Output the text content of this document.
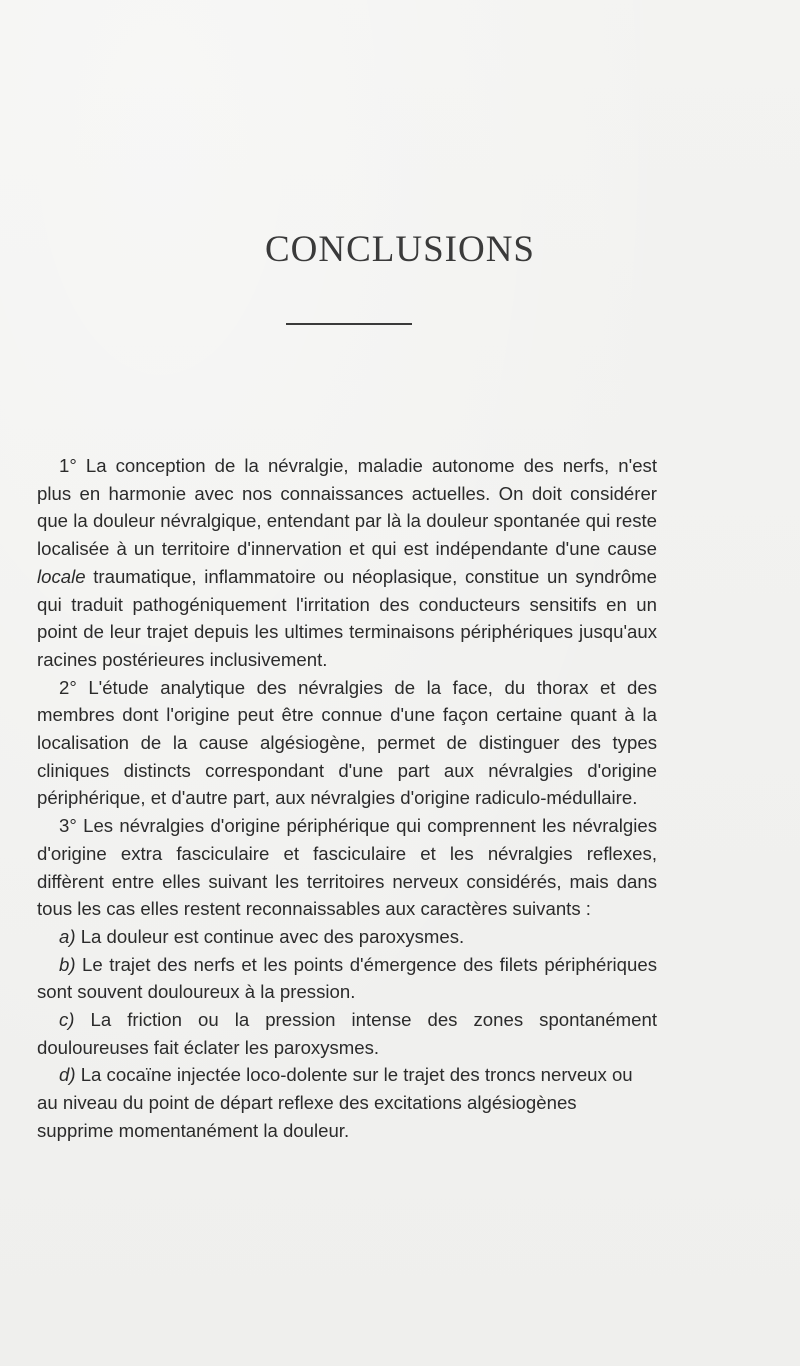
CONCLUSIONS

1° La conception de la névralgie, maladie autonome des nerfs, n'est plus en harmonie avec nos connaissances actuelles. On doit considérer que la douleur névralgique, entendant par là la douleur spontanée qui reste localisée à un territoire d'innervation et qui est indépendante d'une cause locale traumatique, inflammatoire ou néoplasique, constitue un syndrôme qui traduit pathogéniquement l'irritation des conducteurs sensitifs en un point de leur trajet depuis les ultimes terminaisons périphériques jusqu'aux racines postérieures inclusivement.

2° L'étude analytique des névralgies de la face, du thorax et des membres dont l'origine peut être connue d'une façon certaine quant à la localisation de la cause algésiogène, permet de distinguer des types cliniques distincts correspondant d'une part aux névralgies d'origine périphérique, et d'autre part, aux névralgies d'origine radiculo-médullaire.

3° Les névralgies d'origine périphérique qui comprennent les névralgies d'origine extra fasciculaire et fasciculaire et les névralgies reflexes, diffèrent entre elles suivant les territoires nerveux considérés, mais dans tous les cas elles restent reconnaissables aux caractères suivants :

a) La douleur est continue avec des paroxysmes.

b) Le trajet des nerfs et les points d'émergence des filets périphériques sont souvent douloureux à la pression.

c) La friction ou la pression intense des zones spontanément douloureuses fait éclater les paroxysmes.

d) La cocaïne injectée loco-dolente sur le trajet des troncs nerveux ou au niveau du point de départ reflexe des excitations algésiogènes supprime momentanément la douleur.
